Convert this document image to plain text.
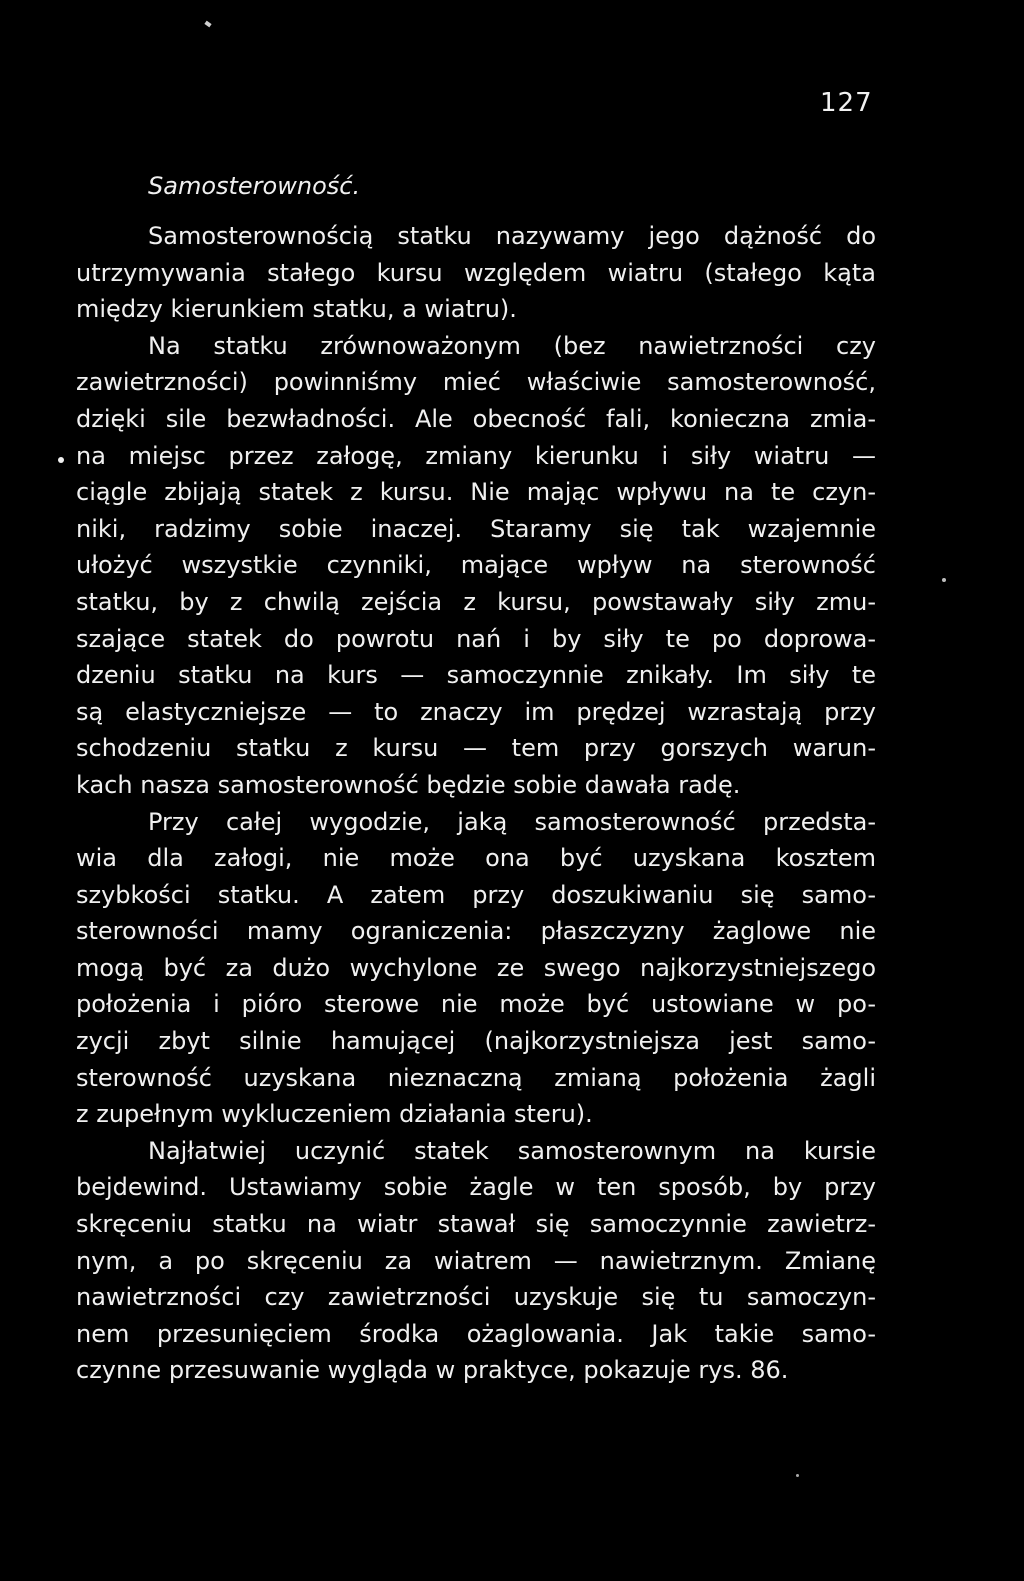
127
Samosterowność.
Samosterownością statku nazywamy jego dążność do
utrzymywania stałego kursu względem wiatru (stałego kąta
między kierunkiem statku, a wiatru).
Na statku zrównoważonym (bez nawietrzności czy
zawietrzności) powinniśmy mieć właściwie samosterowność,
dzięki sile bezwładności. Ale obecność fali, konieczna zmia-
na miejsc przez załogę, zmiany kierunku i siły wiatru —
ciągle zbijają statek z kursu. Nie mając wpływu na te czyn-
niki, radzimy sobie inaczej. Staramy się tak wzajemnie
ułożyć wszystkie czynniki, mające wpływ na sterowność
statku, by z chwilą zejścia z kursu, powstawały siły zmu-
szające statek do powrotu nań i by siły te po doprowa-
dzeniu statku na kurs — samoczynnie znikały. Im siły te
są elastyczniejsze — to znaczy im prędzej wzrastają przy
schodzeniu statku z kursu — tem przy gorszych warun-
kach nasza samosterowność będzie sobie dawała radę.
Przy całej wygodzie, jaką samosterowność przedsta-
wia dla załogi, nie może ona być uzyskana kosztem
szybkości statku. A zatem przy doszukiwaniu się samo-
sterowności mamy ograniczenia: płaszczyzny żaglowe nie
mogą być za dużo wychylone ze swego najkorzystniejszego
położenia i pióro sterowe nie może być ustowiane w po-
zycji zbyt silnie hamującej (najkorzystniejsza jest samo-
sterowność uzyskana nieznaczną zmianą położenia żagli
z zupełnym wykluczeniem działania steru).
Najłatwiej uczynić statek samosterownym na kursie
bejdewind. Ustawiamy sobie żagle w ten sposób, by przy
skręceniu statku na wiatr stawał się samoczynnie zawietrz-
nym, a po skręceniu za wiatrem — nawietrznym. Zmianę
nawietrzności czy zawietrzności uzyskuje się tu samoczyn-
nem przesunięciem środka ożaglowania. Jak takie samo-
czynne przesuwanie wygląda w praktyce, pokazuje rys. 86.
